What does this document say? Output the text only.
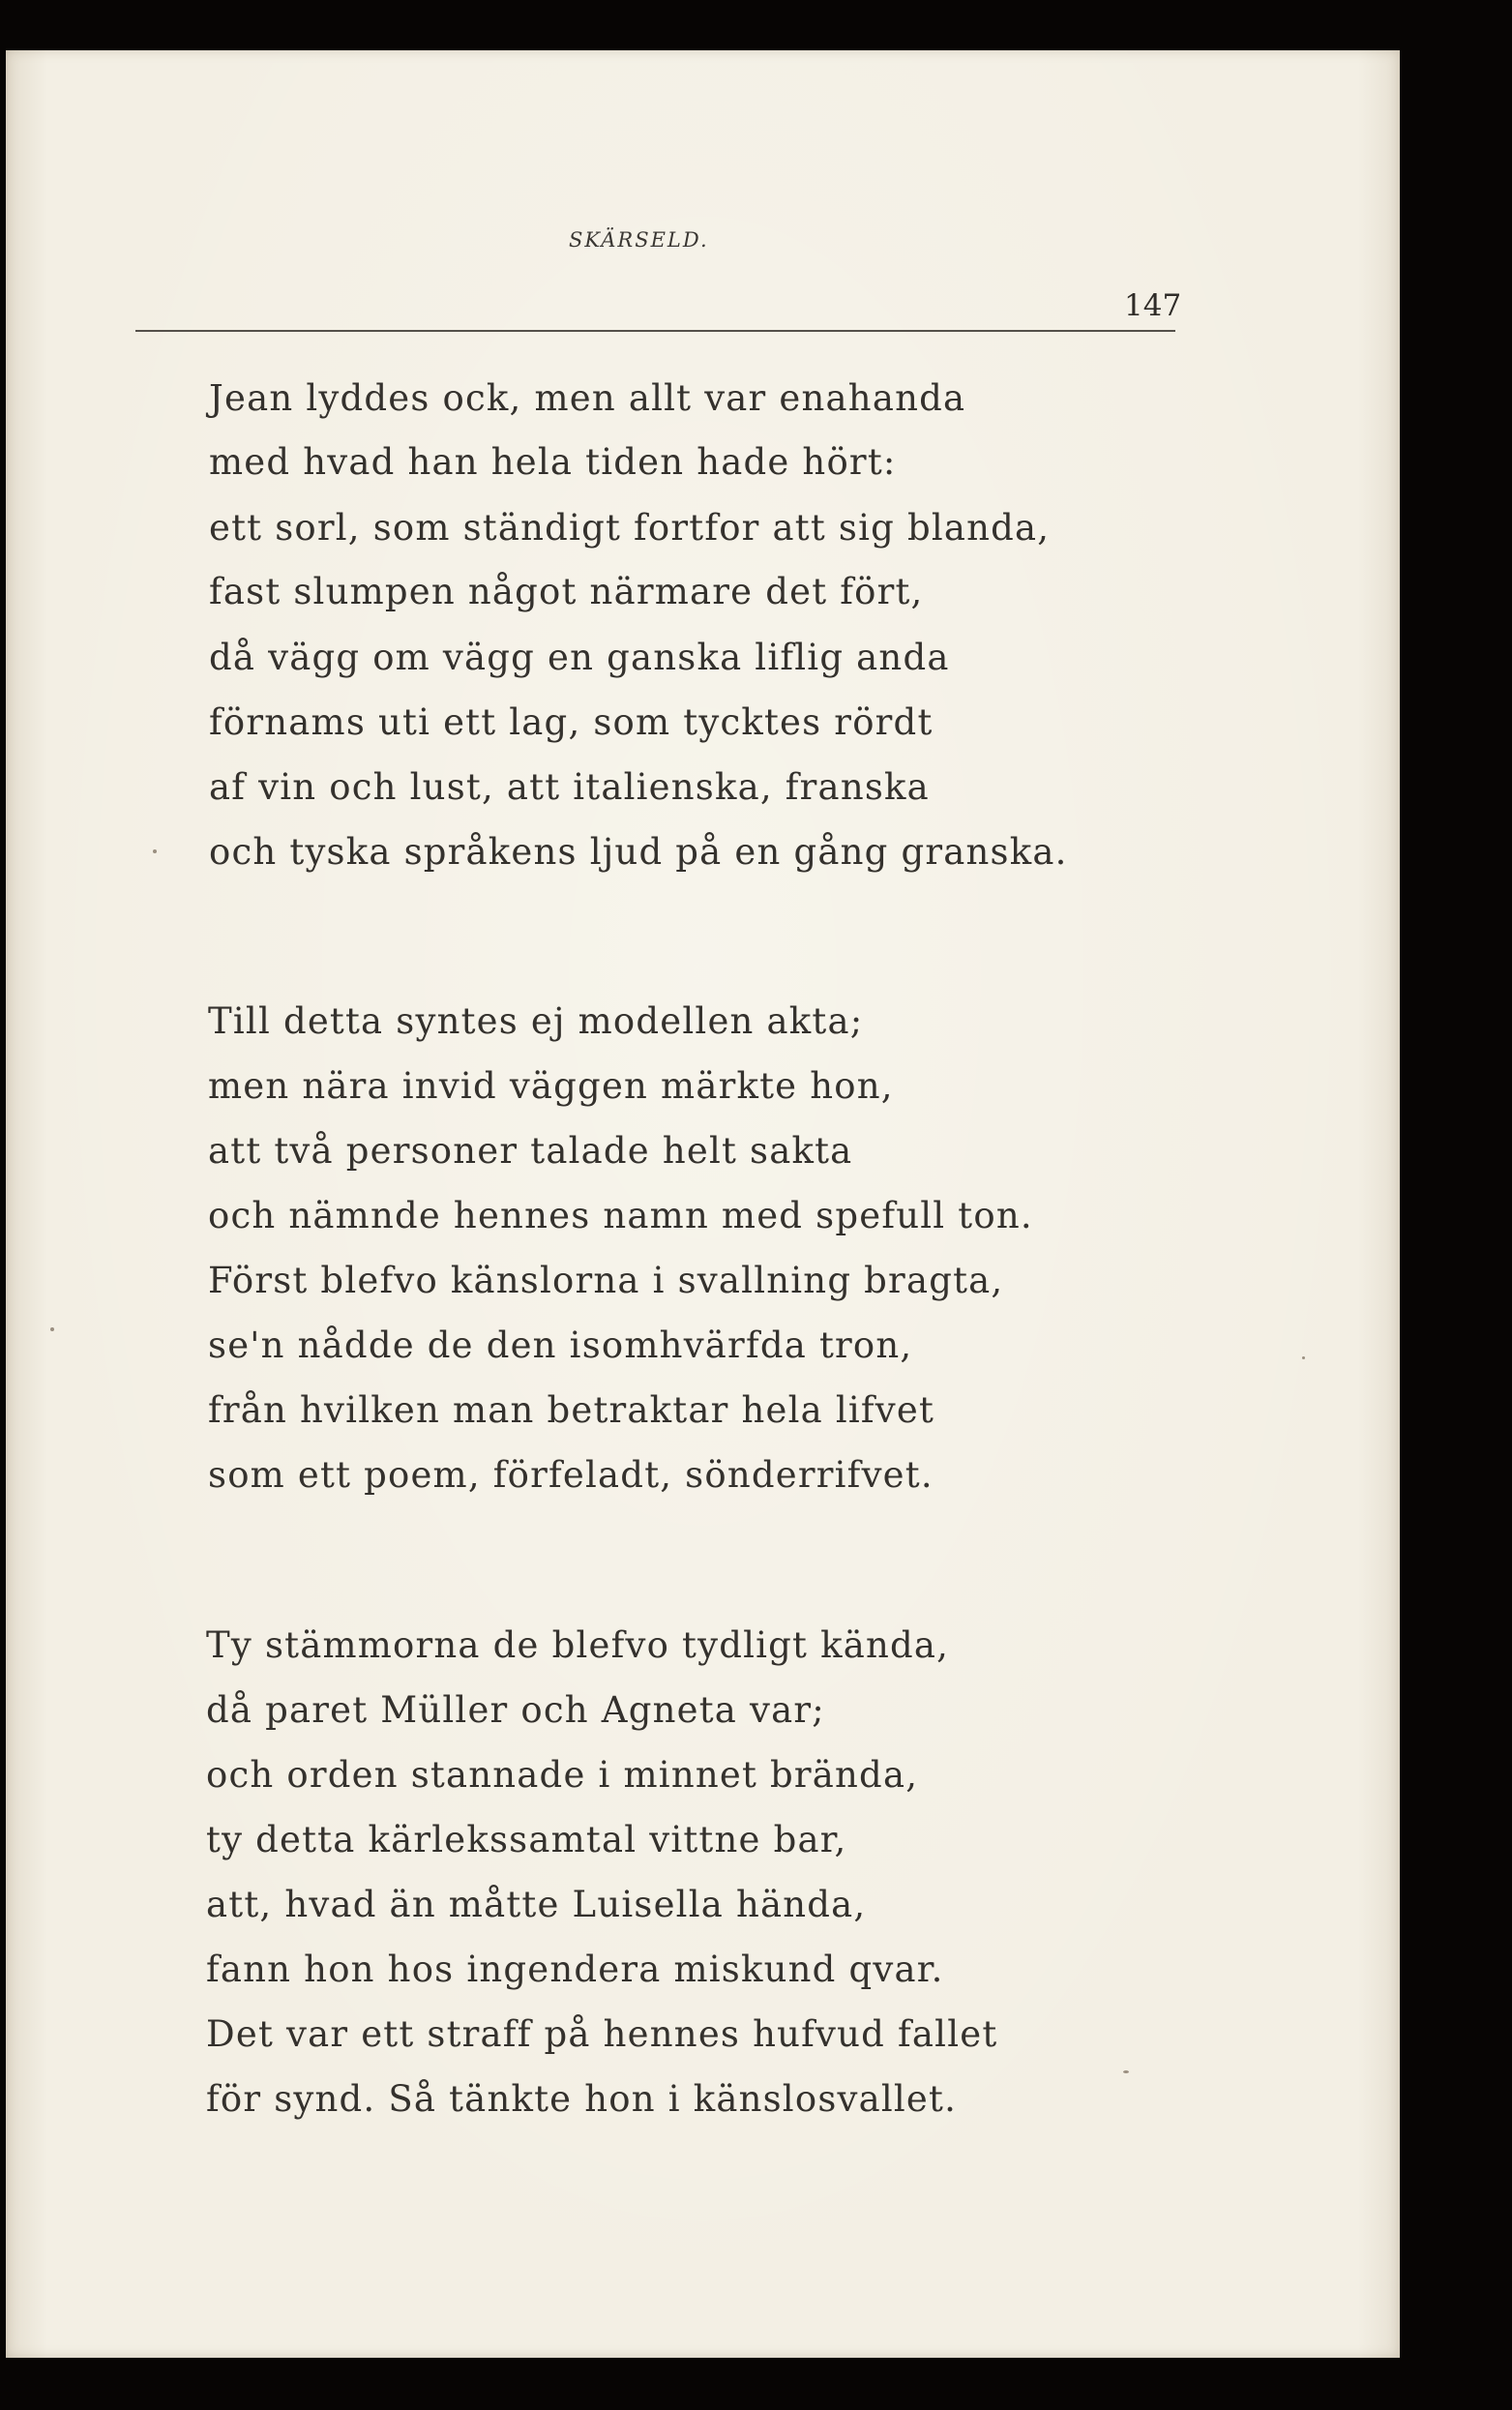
SKÄRSELD.
147
Jean lyddes ock, men allt var enahanda
med hvad han hela tiden hade hört:
ett sorl, som ständigt fortfor att sig blanda,
fast slumpen något närmare det fört,
då vägg om vägg en ganska liflig anda
förnams uti ett lag, som tycktes rördt
af vin och lust, att italienska, franska
och tyska språkens ljud på en gång granska.
Till detta syntes ej modellen akta;
men nära invid väggen märkte hon,
att två personer talade helt sakta
och nämnde hennes namn med spefull ton.
Först blefvo känslorna i svallning bragta,
se'n nådde de den isomhvärfda tron,
från hvilken man betraktar hela lifvet
som ett poem, förfeladt, sönderrifvet.
Ty stämmorna de blefvo tydligt kända,
då paret Müller och Agneta var;
och orden stannade i minnet brända,
ty detta kärlekssamtal vittne bar,
att, hvad än måtte Luisella hända,
fann hon hos ingendera miskund qvar.
Det var ett straff på hennes hufvud fallet
för synd. Så tänkte hon i känslosvallet.
